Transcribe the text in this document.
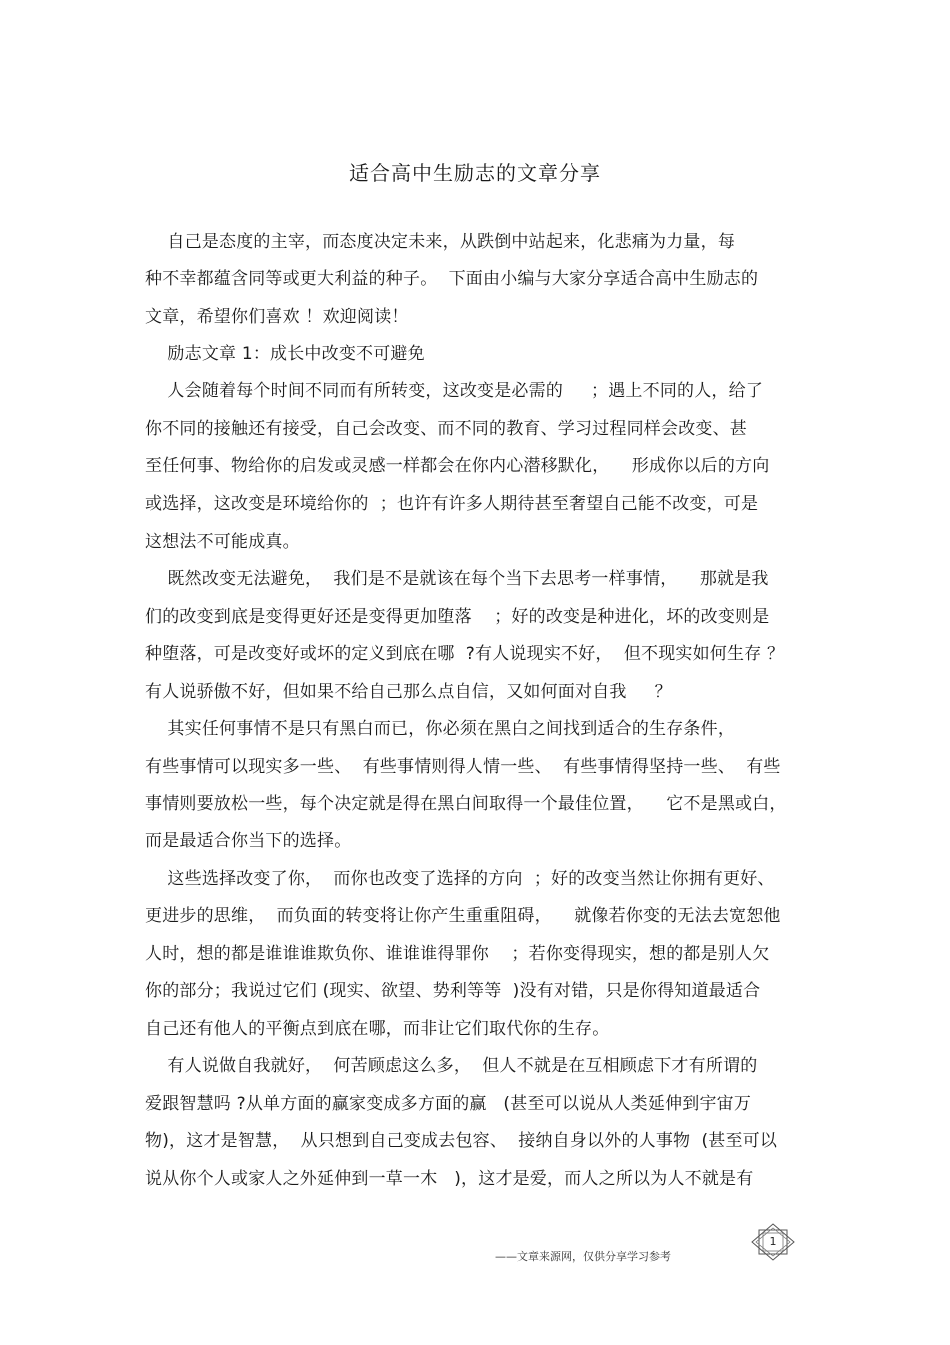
适合高中生励志的文章分享
自己是态度的主宰，而态度决定未来，从跌倒中站起来，化悲痛为力量，每
种不幸都蕴含同等或更大利益的种子。  下面由小编与大家分享适合高中生励志的
文章，希望你们喜欢 ！欢迎阅读！
励志文章 1：成长中改变不可避免
人会随着每个时间不同而有所转变，这改变是必需的     ；遇上不同的人，给了
你不同的接触还有接受，自己会改变、而不同的教育、学习过程同样会改变、甚
至任何事、物给你的启发或灵感一样都会在你内心潜移默化，    形成你以后的方向
或选择，这改变是环境给你的  ；也许有许多人期待甚至奢望自己能不改变，可是
这想法不可能成真。
既然改变无法避免，  我们是不是就该在每个当下去思考一样事情，    那就是我
们的改变到底是变得更好还是变得更加堕落    ；好的改变是种进化，坏的改变则是
种堕落，可是改变好或坏的定义到底在哪  ?有人说现实不好，  但不现实如何生存 ？
有人说骄傲不好，但如果不给自己那么点自信，又如何面对自我     ？
其实任何事情不是只有黑白而已，你必须在黑白之间找到适合的生存条件，
有些事情可以现实多一些、  有些事情则得人情一些、  有些事情得坚持一些、  有些
事情则要放松一些，每个决定就是得在黑白间取得一个最佳位置，    它不是黑或白，
而是最适合你当下的选择。
这些选择改变了你，  而你也改变了选择的方向  ；好的改变当然让你拥有更好、
更进步的思维，  而负面的转变将让你产生重重阻碍，    就像若你变的无法去宽恕他
人时，想的都是谁谁谁欺负你、谁谁谁得罪你    ；若你变得现实，想的都是别人欠
你的部分；我说过它们 (现实、欲望、势利等等  )没有对错，只是你得知道最适合
自己还有他人的平衡点到底在哪，而非让它们取代你的生存。
有人说做自我就好，  何苦顾虑这么多，  但人不就是在互相顾虑下才有所谓的
爱跟智慧吗 ?从单方面的赢家变成多方面的赢   (甚至可以说从人类延伸到宇宙万
物)，这才是智慧，  从只想到自己变成去包容、  接纳自身以外的人事物  (甚至可以
说从你个人或家人之外延伸到一草一木   )，这才是爱，而人之所以为人不就是有
——文章来源网，仅供分享学习参考
1
